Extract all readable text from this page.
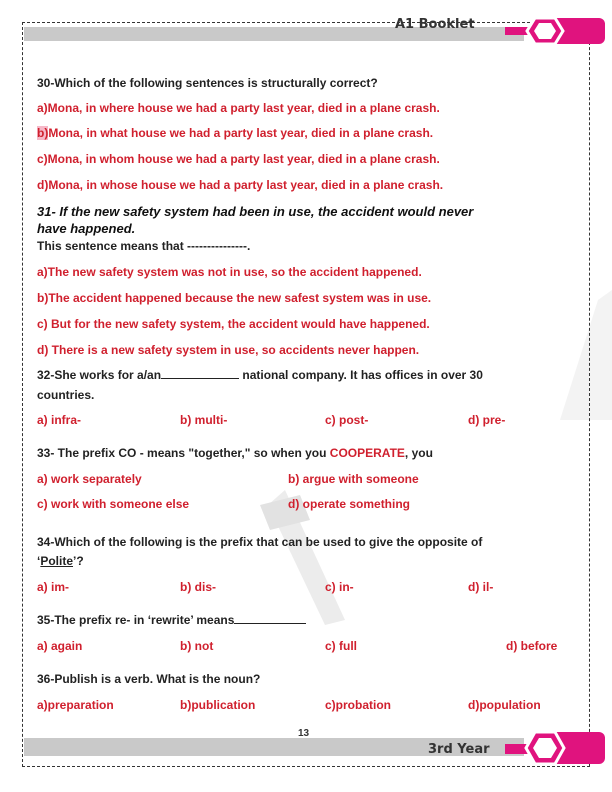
A1 Booklet
13
3rd Year
30-Which of the following sentences is structurally correct?
a)Mona, in where house we had a party last year, died in a plane crash.
b)Mona, in what house we had a party last year, died in a plane crash.
c)Mona, in whom house we had a party last year, died in a plane crash.
d)Mona, in whose house we had a party last year, died in a plane crash.
31- If the new safety system had been in use, the accident would never
have happened.
This sentence means that ---------------.
a)The new safety system was not in use, so the accident happened.
b)The accident happened because the new safest system was in use.
c) But for the new safety system, the accident would have happened.
d) There is a new safety system in use, so accidents never happen.
32-She works for a/an	national company. It has offices in over 30
countries.
a) infra-	b) multi-	c) post-	d) pre-
33- The prefix CO - means "together," so when you COOPERATE, you
a) work separately	b) argue with someone
c) work with someone else	d) operate something
34-Which of the following is the prefix that can be used to give the opposite of
‘Polite’?
a) im-	b) dis-	c) in-	d) il-
35-The prefix re- in ‘rewrite’ means
a) again	b) not	c) full	d) before
36-Publish is a verb. What is the noun?
a)preparation	b)publication	c)probation	d)population
